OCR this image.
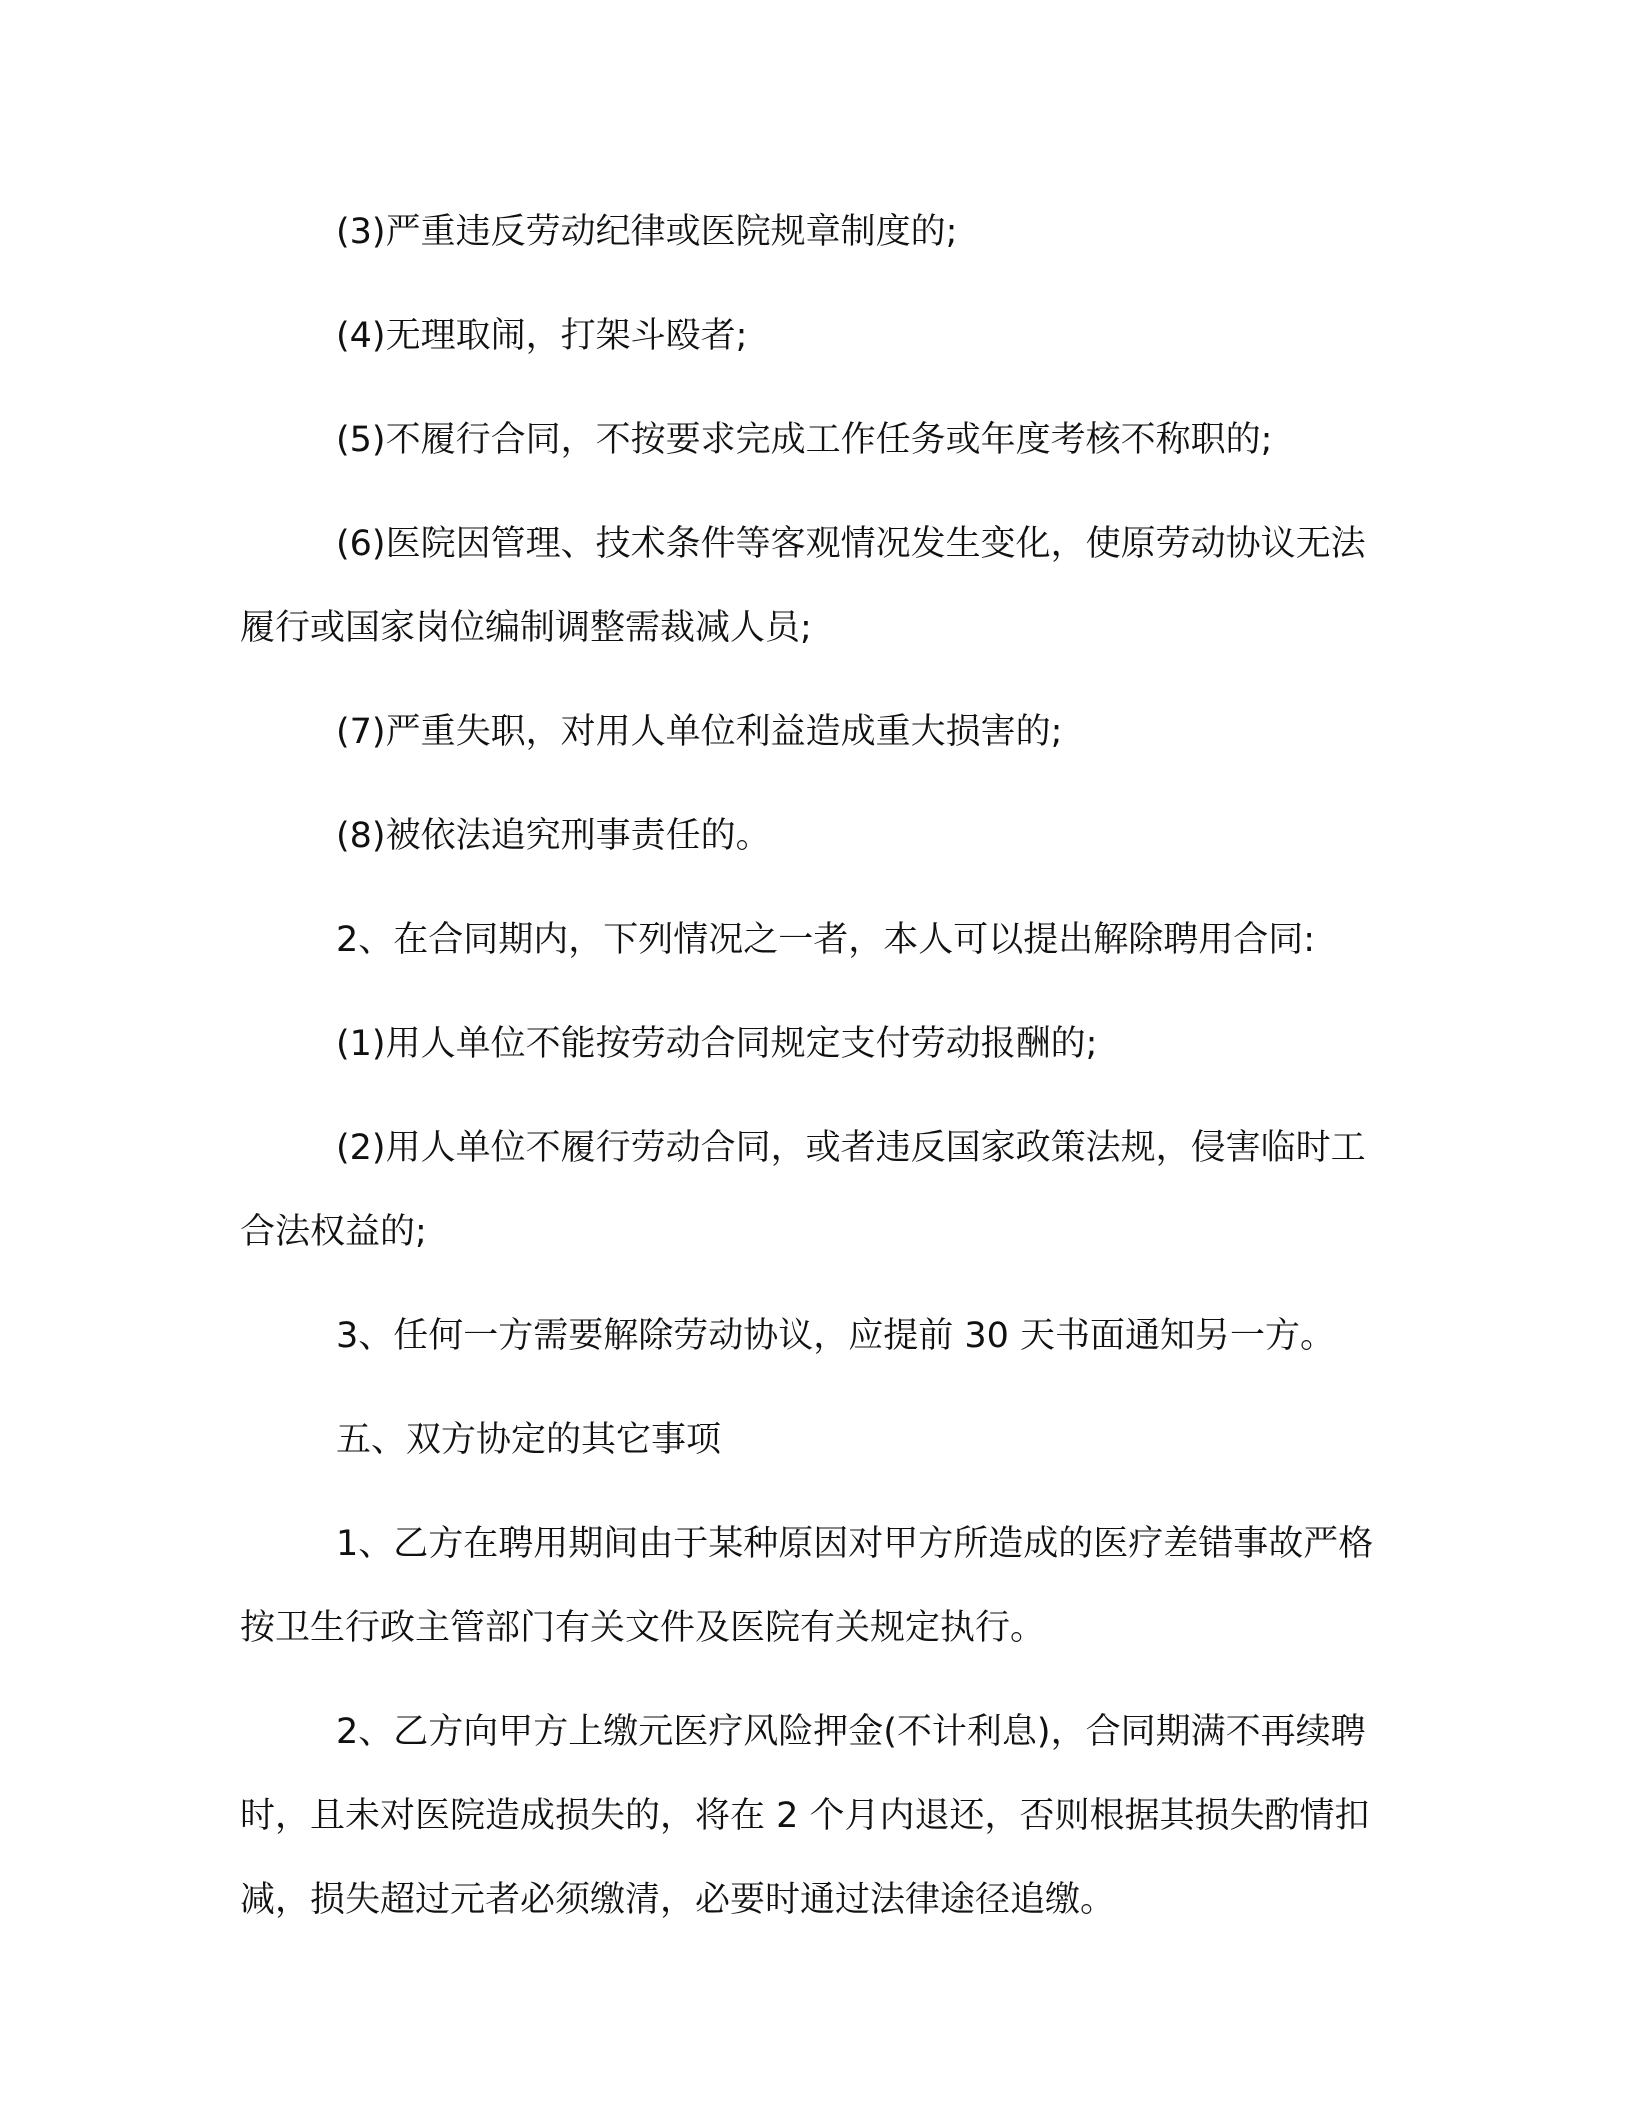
(3)严重违反劳动纪律或医院规章制度的;

(4)无理取闹，打架斗殴者;

(5)不履行合同，不按要求完成工作任务或年度考核不称职的;

(6)医院因管理、技术条件等客观情况发生变化，使原劳动协议无法履行或国家岗位编制调整需裁减人员;

(7)严重失职，对用人单位利益造成重大损害的;

(8)被依法追究刑事责任的。

2、在合同期内，下列情况之一者，本人可以提出解除聘用合同:

(1)用人单位不能按劳动合同规定支付劳动报酬的;

(2)用人单位不履行劳动合同，或者违反国家政策法规，侵害临时工合法权益的;

3、任何一方需要解除劳动协议，应提前 30 天书面通知另一方。

五、双方协定的其它事项

1、乙方在聘用期间由于某种原因对甲方所造成的医疗差错事故严格按卫生行政主管部门有关文件及医院有关规定执行。

2、乙方向甲方上缴元医疗风险押金(不计利息)，合同期满不再续聘时，且未对医院造成损失的，将在 2 个月内退还，否则根据其损失酌情扣减，损失超过元者必须缴清，必要时通过法律途径追缴。
